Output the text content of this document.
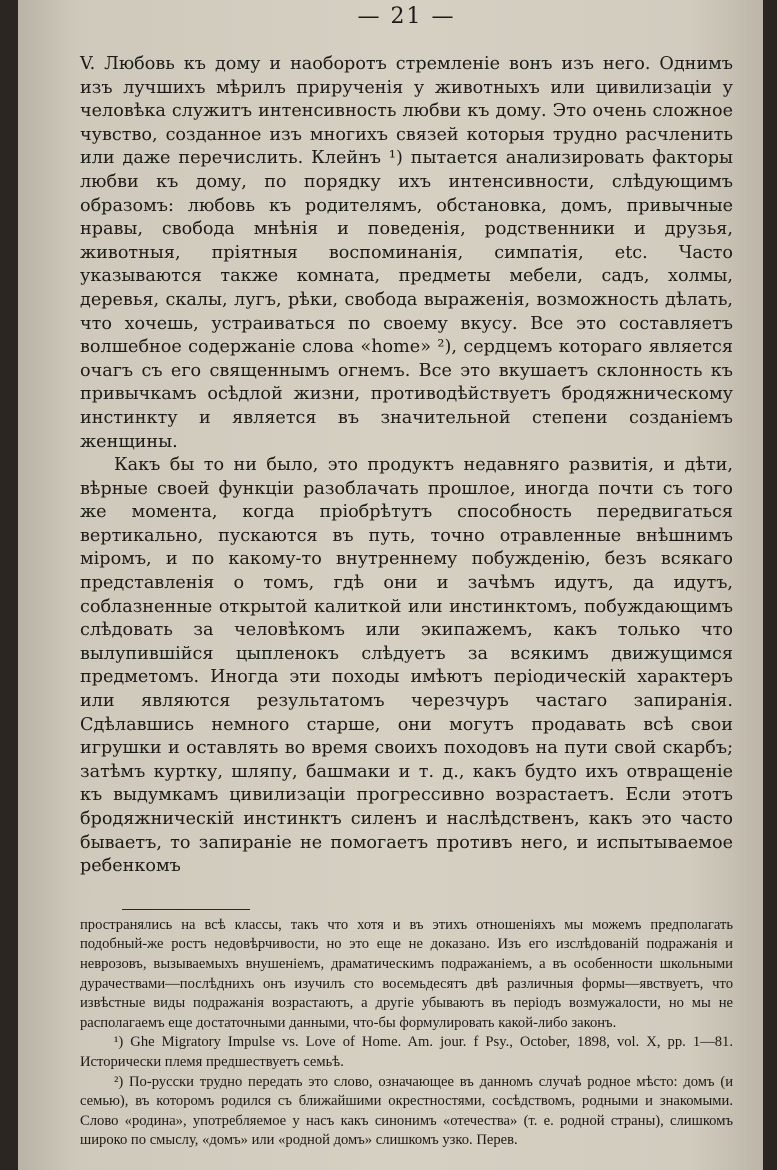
— 21 —

V. Любовь къ дому и наоборотъ стремленіе вонъ изъ него. Однимъ изъ лучшихъ мѣрилъ прирученія у животныхъ или цивилизаціи у человѣка служитъ интенсивность любви къ дому. Это очень сложное чувство, созданное изъ многихъ связей которыя трудно расчленить или даже перечислить. Клейнъ ¹) пытается анализировать факторы любви къ дому, по порядку ихъ интенсивности, слѣдующимъ образомъ: любовь къ родителямъ, обстановка, домъ, привычные нравы, свобода мнѣнія и поведенія, родственники и друзья, животныя, пріятныя воспоминанія, симпатія, etc. Часто указываются также комната, предметы мебели, садъ, холмы, деревья, скалы, лугъ, рѣки, свобода выраженія, возможность дѣлать, что хочешь, устраиваться по своему вкусу. Все это составляетъ волшебное содержаніе слова «home» ²), сердцемъ котораго является очагъ съ его священнымъ огнемъ. Все это вкушаетъ склонность къ привычкамъ осѣдлой жизни, противодѣйствуетъ бродяжническому инстинкту и является въ значительной степени созданіемъ женщины.

Какъ бы то ни было, это продуктъ недавняго развитія, и дѣти, вѣрные своей функціи разоблачать прошлое, иногда почти съ того же момента, когда пріобрѣтутъ способность передвигаться вертикально, пускаются въ путь, точно отравленные внѣшнимъ міромъ, и по какому-то внутреннему побужденію, безъ всякаго представленія о томъ, гдѣ они и зачѣмъ идутъ, да идутъ, соблазненные открытой калиткой или инстинктомъ, побуждающимъ слѣдовать за человѣкомъ или экипажемъ, какъ только что вылупившійся цыпленокъ слѣдуетъ за всякимъ движущимся предметомъ. Иногда эти походы имѣютъ періодическій характеръ или являются результатомъ черезчуръ частаго запиранія. Сдѣлавшись немного старше, они могутъ продавать всѣ свои игрушки и оставлять во время своихъ походовъ на пути свой скарбъ; затѣмъ куртку, шляпу, башмаки и т. д., какъ будто ихъ отвращеніе къ выдумкамъ цивилизаціи прогрессивно возрастаетъ. Если этотъ бродяжническій инстинктъ силенъ и наслѣдственъ, какъ это часто бываетъ, то запираніе не помогаетъ противъ него, и испытываемое ребенкомъ

пространялись на всѣ классы, такъ что хотя и въ этихъ отношеніяхъ мы можемъ предполагать подобный-же ростъ недовѣрчивости, но это еще не доказано. Изъ его изслѣдованій подражанія и неврозовъ, вызываемыхъ внушеніемъ, драматическимъ подражаніемъ, а въ особенности школьными дурачествами—послѣднихъ онъ изучилъ сто восемьдесятъ двѣ различныя формы—явствуетъ, что извѣстные виды подражанія возрастаютъ, а другіе убываютъ въ періодъ возмужалости, но мы не располагаемъ еще достаточными данными, что-бы формулировать какой-либо законъ.

¹) Ghe Migratory Impulse vs. Love of Home. Am. jour. f Psy., October, 1898, vol. X, pp. 1—81. Исторически племя предшествуетъ семьѣ.

²) По-русски трудно передать это слово, означающее въ данномъ случаѣ родное мѣсто: домъ (и семью), въ которомъ родился съ ближайшими окрестностями, сосѣдствомъ, родными и знакомыми. Слово «родина», употребляемое у насъ какъ синонимъ «отечества» (т. е. родной страны), слишкомъ широко по смыслу, «домъ» или «родной домъ» слишкомъ узко. Перев.
